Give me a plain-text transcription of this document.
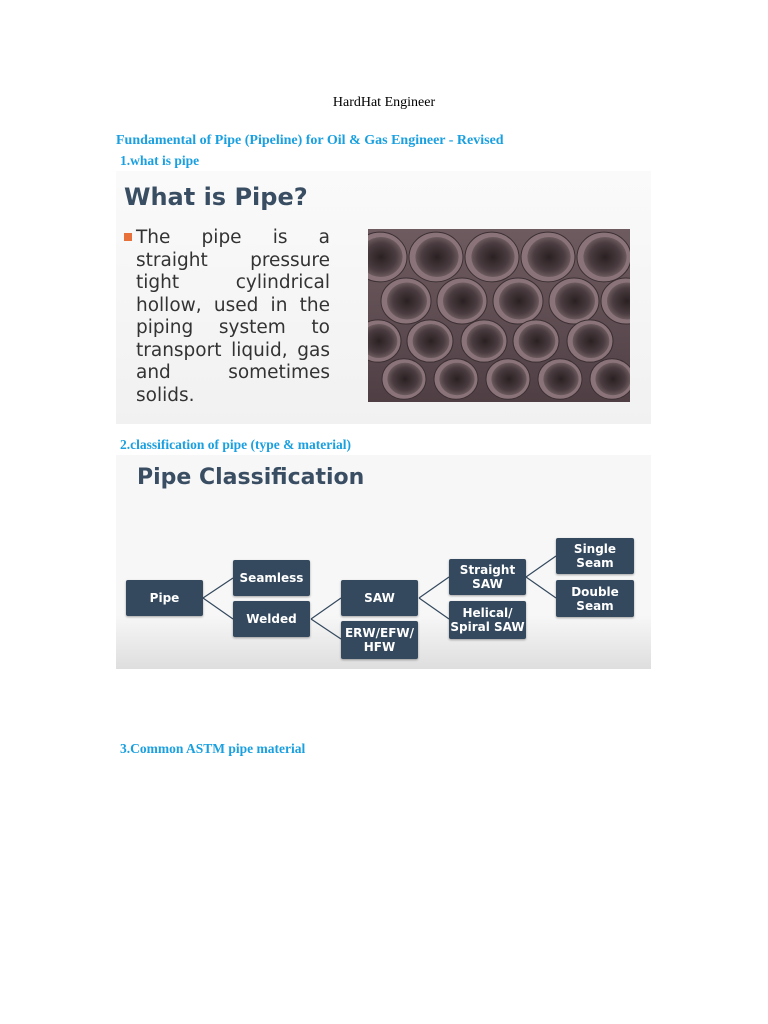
HardHat Engineer
Fundamental of Pipe (Pipeline) for Oil & Gas Engineer - Revised
1.what is pipe
What is Pipe?
The pipe is a straight pressure tight cylindrical hollow, used in the piping system to transport liquid, gas and sometimes solids.
2.classification of pipe (type & material)
Pipe Classification
Pipe
Seamless
Welded
SAW
ERW/EFW/
HFW
Straight
SAW
Helical/
Spiral SAW
Single Seam
Double
Seam
3.Common ASTM pipe material
